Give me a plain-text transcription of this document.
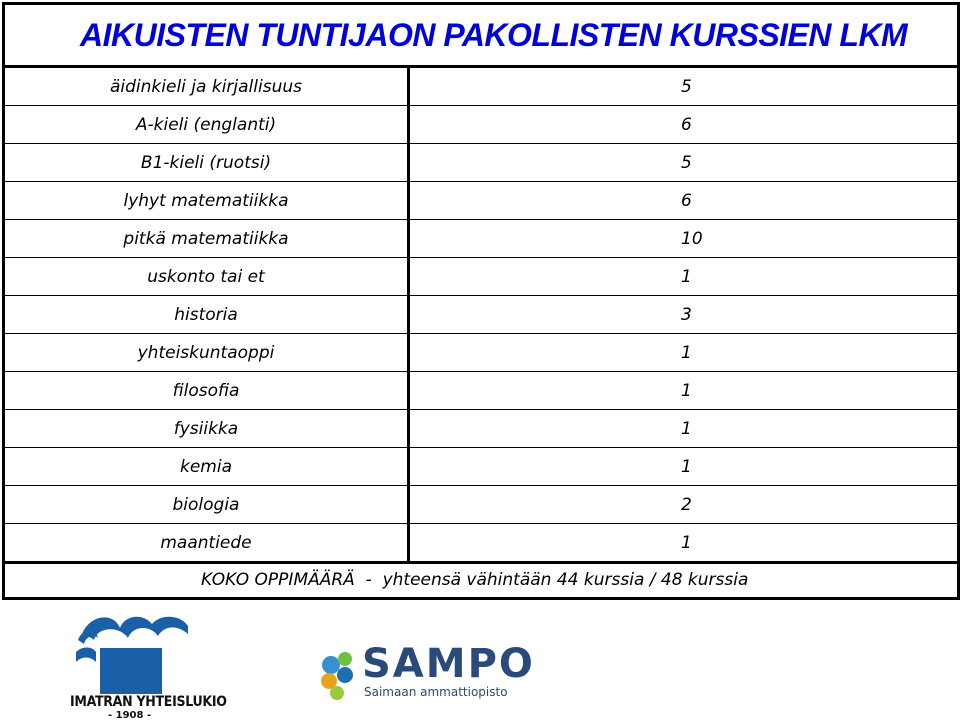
AIKUISTEN TUNTIJAON PAKOLLISTEN KURSSIEN LKM
äidinkieli ja kirjallisuus	5
A-kieli (englanti)	6
B1-kieli (ruotsi)	5
lyhyt matematiikka	6
pitkä matematiikka	10
uskonto tai et	1
historia	3
yhteiskuntaoppi	1
filosofia	1
fysiikka	1
kemia	1
biologia	2
maantiede	1
KOKO OPPIMÄÄRÄ  -  yhteensä vähintään 44 kurssia / 48 kurssia
IMATRAN YHTEISLUKIO
- 1908 -
SAMPO
Saimaan ammattiopisto
